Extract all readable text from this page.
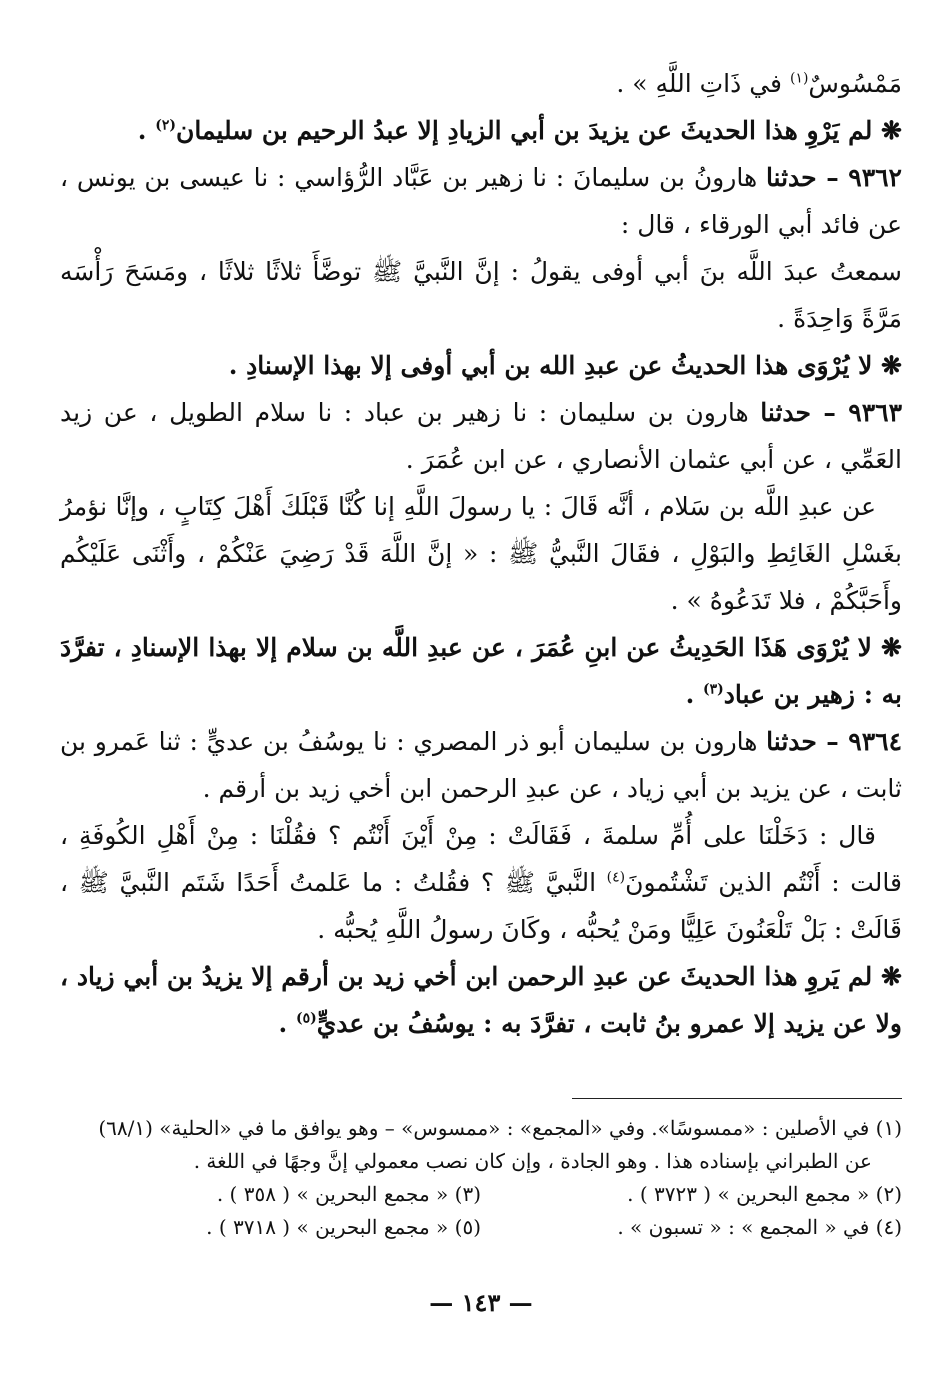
مَمْسُوسٌ$^{(١)}$ في ذَاتِ اللَّهِ » .

❋ لم يَرْوِ هذا الحديثَ عن يزيدَ بن أبي الزيادِ إلا عبدُ الرحيم بن سليمان$^{(٢)}$ .

٩٣٦٢ – حدثنا هارونُ بن سليمانَ : نا زهير بن عَبَّاد الرُّؤاسي : نا عيسى بن يونس ، عن فائد أبي الورقاء ، قال :

سمعتُ عبدَ اللَّه بنَ أبي أوفى يقولُ : إنَّ النَّبيَّ ﷺ توضَّأَ ثلاثًا ثلاثًا ، ومَسَحَ رَأْسَه مَرَّةً وَاحِدَةً .

❋ لا يُرْوَى هذا الحديثُ عن عبدِ الله بن أبي أوفى إلا بهذا الإسنادِ .

٩٣٦٣ – حدثنا هارون بن سليمان : نا زهير بن عباد : نا سلام الطويل ، عن زيد العَمِّي ، عن أبي عثمان الأنصاري ، عن ابن عُمَرَ .

عن عبدِ اللَّه بن سَلام ، أنَّه قَالَ : يا رسولَ اللَّهِ إنا كُنَّا قَبْلَكَ أَهْلَ كِتَابٍ ، وإنَّا نؤمرُ بغَسْلِ الغَائِطِ والبَوْلِ ، فقَالَ النَّبيُّ ﷺ : « إنَّ اللَّهَ قَدْ رَضِيَ عَنْكُمْ ، وأَثْنَى عَلَيْكُم وأَحَبَّكُمْ ، فلا تَدَعُوهُ » .

❋ لا يُرْوَى هَذَا الحَدِيثُ عن ابنِ عُمَرَ ، عن عبدِ اللَّه بن سلام إلا بهذا الإسنادِ ، تفرَّدَ به : زهير بن عباد$^{(٣)}$ .

٩٣٦٤ – حدثنا هارون بن سليمان أبو ذر المصري : نا يوسُفُ بن عديٍّ : ثنا عَمرو بن ثابت ، عن يزيد بن أبي زياد ، عن عبدِ الرحمن ابن أخي زيد بن أرقم .

قال : دَخَلْنَا على أُمِّ سلمةَ ، فَقَالَتْ : مِنْ أَيْنَ أَنْتُم ؟ فقُلْنَا : مِنْ أَهْلِ الكُوفَةِ ، قالت : أَنْتُم الذين تَشْتُمونَ$^{(٤)}$ النَّبيَّ ﷺ ؟ فقُلتُ : ما عَلمتُ أَحَدًا شَتَم النَّبيَّ ﷺ ، قَالَتْ : بَلْ تَلْعَنُونَ عَلِيًّا ومَنْ يُحبُّه ، وكَانَ رسولُ اللَّهِ يُحبُّه .

❋ لم يَروِ هذا الحديثَ عن عبدِ الرحمن ابن أخي زيد بن أرقم إلا يزيدُ بن أبي زياد ، ولا عن يزيد إلا عمرو بنُ ثابت ، تفرَّدَ به : يوسُفُ بن عديٍّ$^{(٥)}$ .

(١) في الأصلين : «ممسوسًا». وفي «المجمع» : «ممسوس» – وهو يوافق ما في «الحلية» (٦٨/١)

عن الطبراني بإسناده هذا . وهو الجادة ، وإن كان نصب معمولي إنَّ وجهًا في اللغة .

(٢) « مجمع البحرين » ( ٣٧٢٣ ) .
(٣) « مجمع البحرين » ( ٣٥٨ ) .
(٤) في « المجمع » : « تسبون » .
(٥) « مجمع البحرين » ( ٣٧١٨ ) .
— ١٤٣ —
